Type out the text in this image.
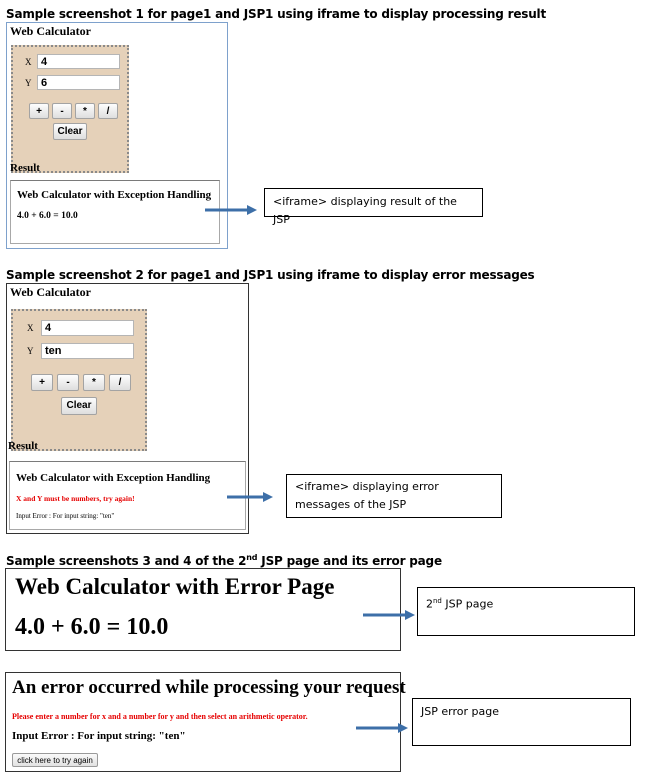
Sample screenshot 1 for page1 and JSP1 using iframe to display processing result
Web Calculator
X 4
Y 6
+	-	*	/
Clear
Result
Web Calculator with Exception Handling
4.0 + 6.0 = 10.0
<iframe> displaying result of the JSP
Sample screenshot 2 for page1 and JSP1 using iframe to display error messages
Web Calculator
X	4
Y	ten
+	-	*	/
Clear
Result
Web Calculator with Exception Handling
X and Y must be numbers, try again!
Input Error : For input string: "ten"
<iframe> displaying error messages of the JSP
Sample screenshots 3 and 4 of the 2nd JSP page and its error page
Web Calculator with Error Page
4.0 + 6.0 = 10.0
2nd JSP page
An error occurred while processing your request
Please enter a number for x and a number for y and then select an arithmetic operator.
Input Error : For input string: "ten"
click here to try again
JSP error page
